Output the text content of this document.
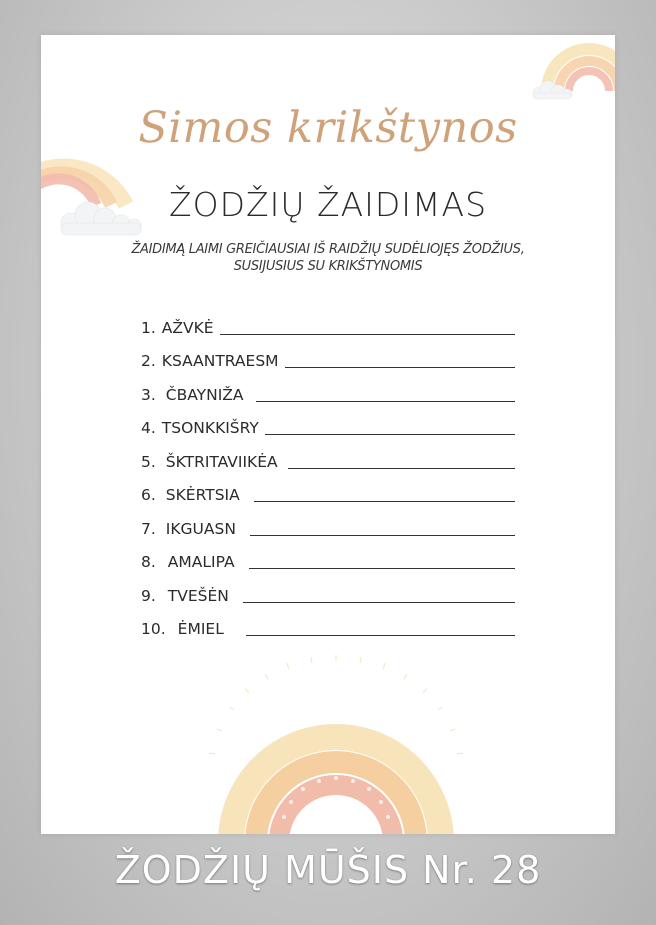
Simos krikštynos
ŽODŽIŲ ŽAIDIMAS
ŽAIDIMĄ LAIMI GREIČIAUSIAI IŠ RAIDŽIŲ SUDĖLIOJĘS ŽODŽIUS, SUSIJUSIUS SU KRIKŠTYNOMIS
1. AŽVKĖ
2. KSAANTRAESM
3. ČBAYNIŽA
4. TSONKKIŠRY
5. ŠKTRITAVIIKĖA
6. SKĖRTSIA
7. IKGUASN
8. AMALIPA
9. TVEŠĖN
10. ĖMIEL
ŽODŽIŲ MŪŠIS Nr. 28
